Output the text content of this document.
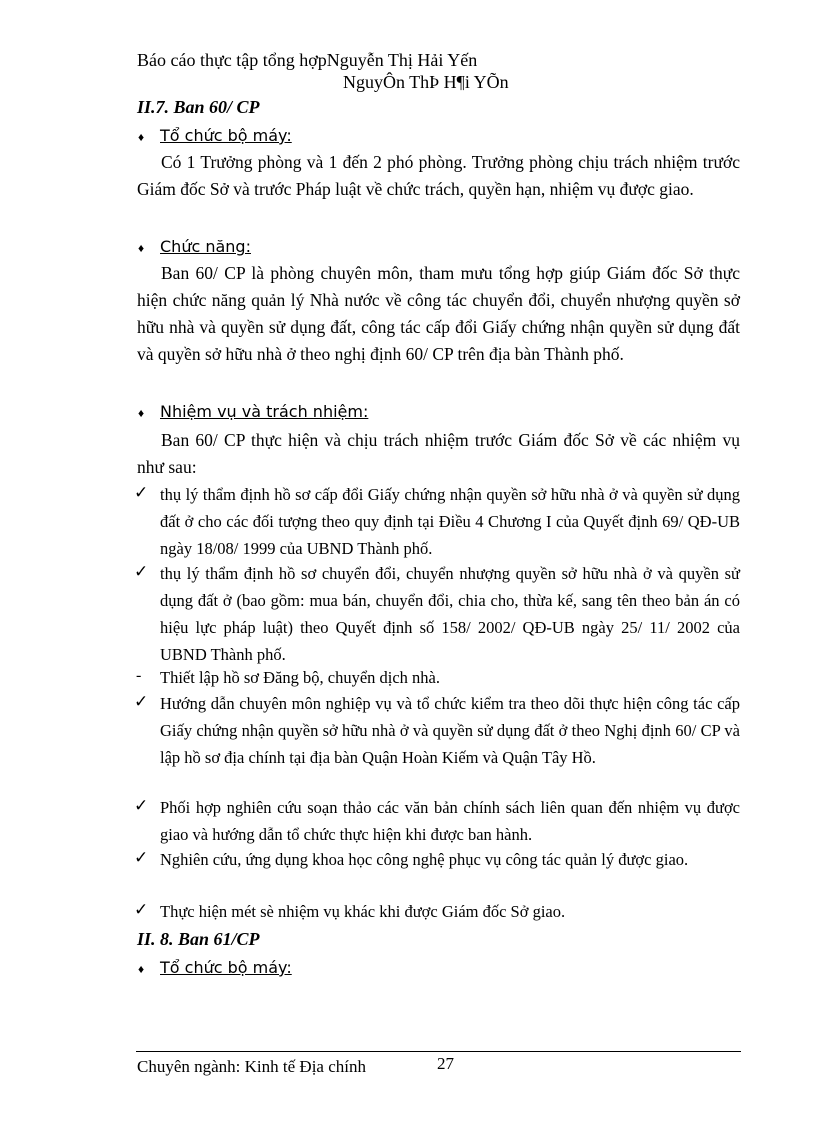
Báo cáo thực tập tổng hợpNguyễn Thị Hải Yến
NguyÔn ThÞ H¶i YÕn
II.7. Ban 60/ CP
♦ Tổ chức bộ máy:
Có 1 Trưởng phòng và 1 đến 2 phó phòng. Trưởng phòng chịu trách nhiệm trước Giám đốc Sở và trước Pháp luật về chức trách, quyền hạn, nhiệm vụ được giao.
♦ Chức năng:
Ban 60/ CP là phòng chuyên môn, tham mưu tổng hợp giúp Giám đốc Sở thực hiện chức năng quản lý Nhà nước về công tác chuyển đổi, chuyển nhượng quyền sở hữu nhà và quyền sử dụng đất, công tác cấp đổi Giấy chứng nhận quyền sử dụng đất và quyền sở hữu nhà ở theo nghị định 60/ CP trên địa bàn Thành phố.
♦ Nhiệm vụ và trách nhiệm:
Ban 60/ CP thực hiện và chịu trách nhiệm trước Giám đốc Sở về các nhiệm vụ như sau:
✓ thụ lý thẩm định hồ sơ cấp đổi Giấy chứng nhận quyền sở hữu nhà ở và quyền sử dụng đất ở cho các đối tượng theo quy định tại Điều 4 Chương I của Quyết định 69/ QĐ-UB ngày 18/08/ 1999 của UBND Thành phố.
✓ thụ lý thẩm định hồ sơ chuyển đổi, chuyển nhượng quyền sở hữu nhà ở và quyền sử dụng đất ở (bao gồm: mua bán, chuyển đổi, chia cho, thừa kế, sang tên theo bản án có hiệu lực pháp luật) theo Quyết định số 158/ 2002/ QĐ-UB ngày 25/ 11/ 2002 của UBND Thành phố.
- Thiết lập hồ sơ Đăng bộ, chuyển dịch nhà.
✓ Hướng dẫn chuyên môn nghiệp vụ và tổ chức kiểm tra theo dõi thực hiện công tác cấp Giấy chứng nhận quyền sở hữu nhà ở và quyền sử dụng đất ở theo Nghị định 60/ CP và lập hồ sơ địa chính tại địa bàn Quận Hoàn Kiếm và Quận Tây Hồ.
✓ Phối hợp nghiên cứu soạn thảo các văn bản chính sách liên quan đến nhiệm vụ được giao và hướng dẫn tổ chức thực hiện khi được ban hành.
✓ Nghiên cứu, ứng dụng khoa học công nghệ phục vụ công tác quản lý được giao.
✓ Thực hiện mét sè nhiệm vụ khác khi được Giám đốc Sở giao.
II. 8. Ban 61/CP
♦ Tổ chức bộ máy:
Chuyên ngành: Kinh tế Địa chính	27
